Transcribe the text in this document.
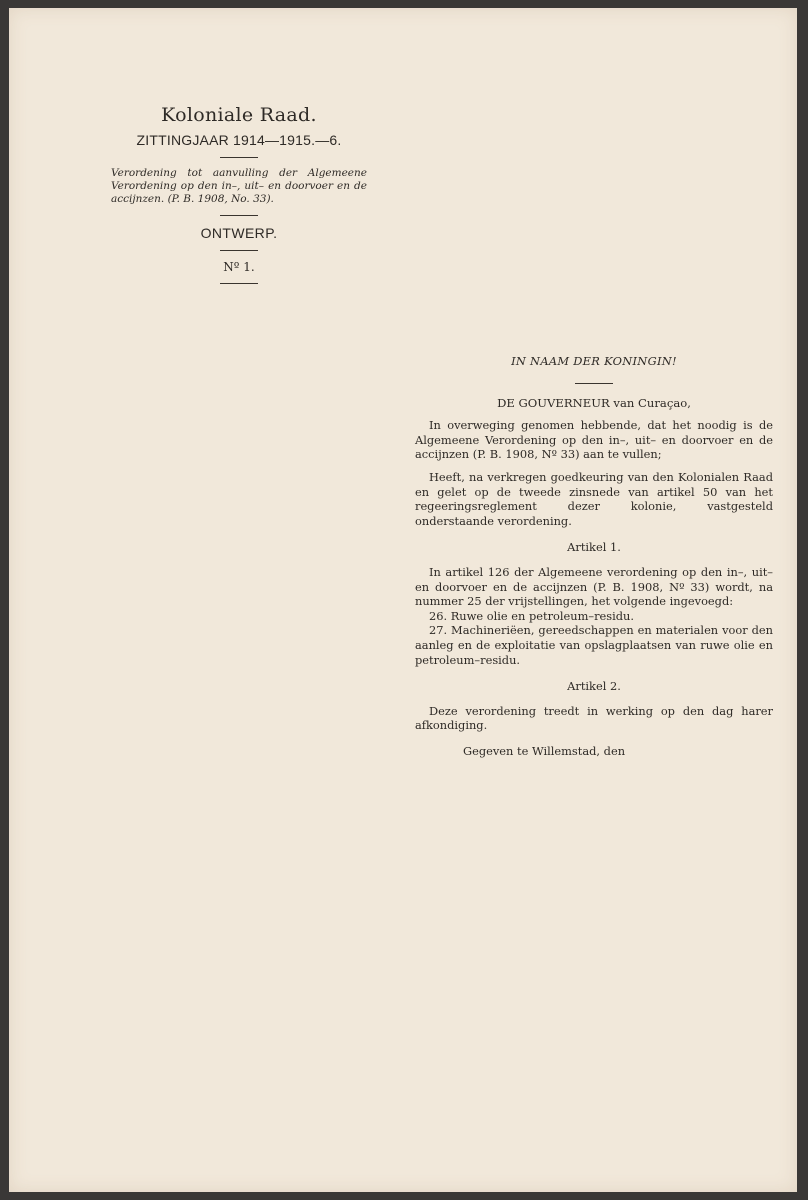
Koloniale Raad.
ZITTINGJAAR 1914—1915.—6.
Verordening tot aanvulling der Algemeene Verordening op den in–, uit– en doorvoer en de accijnzen. (P. B. 1908, No. 33).
ONTWERP.
Nº 1.
IN NAAM DER KONINGIN!
DE GOUVERNEUR van Curaçao,

In overweging genomen hebbende, dat het noodig is de Algemeene Verordening op den in–, uit– en doorvoer en de accijnzen (P. B. 1908, Nº 33) aan te vullen;

Heeft, na verkregen goedkeuring van den Kolonialen Raad en gelet op de tweede zinsnede van artikel 50 van het regeeringsreglement dezer kolonie, vastgesteld onderstaande verordening.

Artikel 1.

In artikel 126 der Algemeene verordening op den in–, uit– en doorvoer en de accijnzen (P. B. 1908, Nº 33) wordt, na nummer 25 der vrijstellingen, het volgende ingevoegd:

26. Ruwe olie en petroleum–residu.

27. Machineriëen, gereedschappen en materialen voor den aanleg en de exploitatie van opslagplaatsen van ruwe olie en petroleum–residu.

Artikel 2.

Deze verordening treedt in werking op den dag harer afkondiging.

Gegeven te Willemstad, den
